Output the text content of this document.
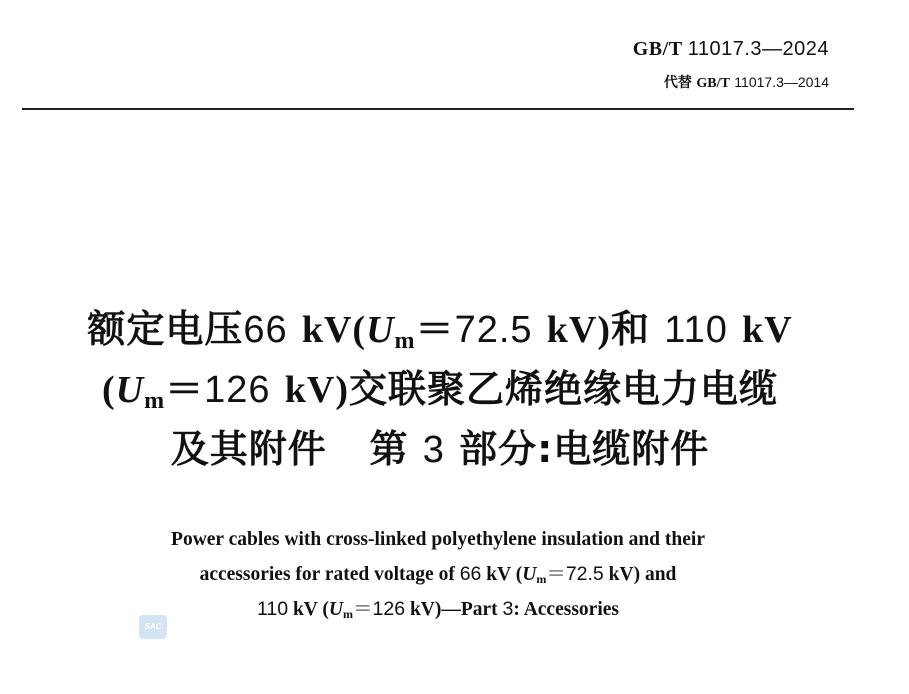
GB/T 11017.3—2024
代替 GB/T 11017.3—2014
额定电压66 $kV(U_m=72.5$ kV)和 110 kV
($U_m=126$ kV)交联聚乙烯绝缘电力电缆
及其附件 第 3 部分:电缆附件
Power cables with cross-linked polyethylene insulation and their
accessories for rated voltage of 66 kV ($U_m=72.5$ kV) and
110 kV ($U_m=126$ kV)—Part 3: Accessories
SAC
